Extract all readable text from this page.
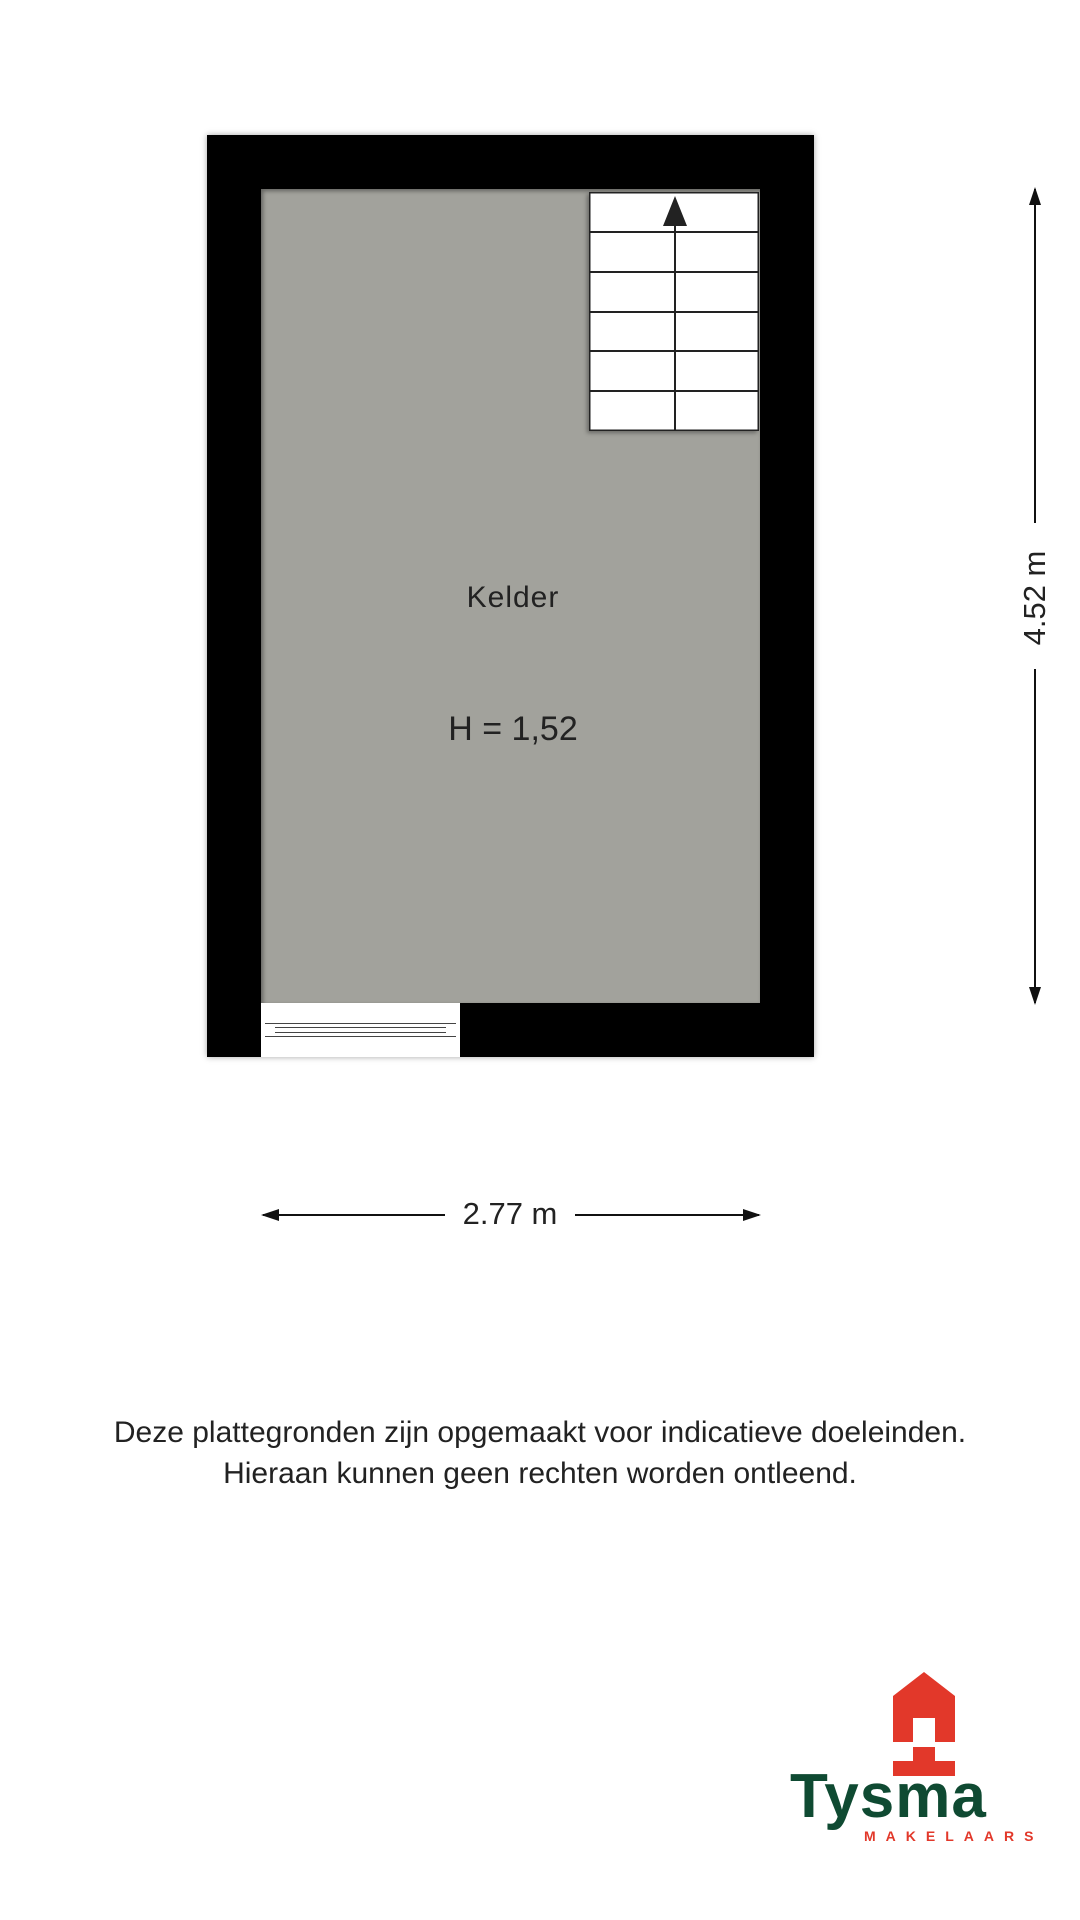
Kelder
H = 1,52
4.52 m
2.77 m
Deze plattegronden zijn opgemaakt voor indicatieve doeleinden.
Hieraan kunnen geen rechten worden ontleend.
Tysma
MAKELAARS
